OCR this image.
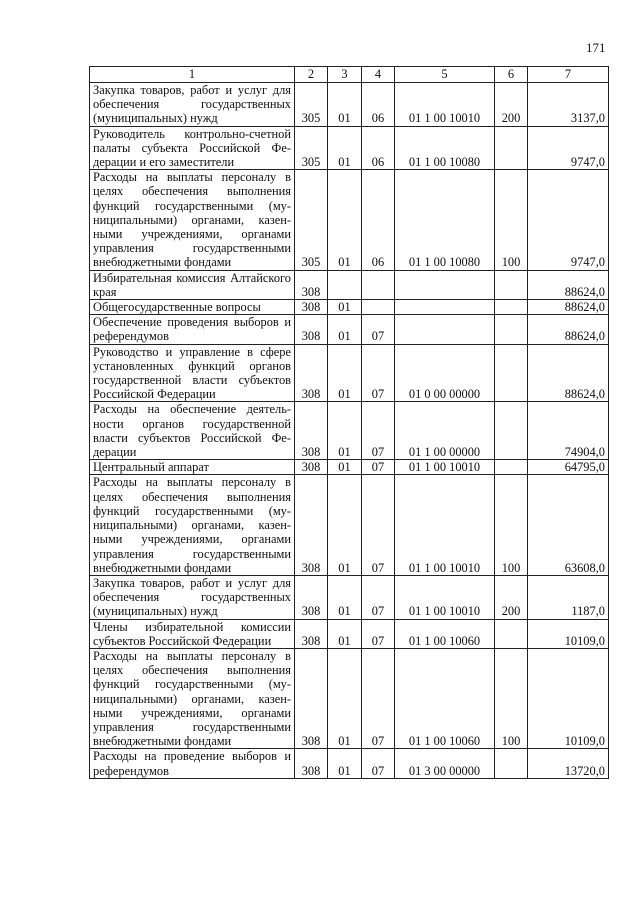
171
1	2	3	4	5	6	7
Закупка товаров, работ и услуг для обеспечения государственных (муниципальных) нужд	305	01	06	01 1 00 10010	200	3137,0
Руководитель контрольно-счетной палаты субъекта Российской Федерации и его заместители	305	01	06	01 1 00 10080		9747,0
Расходы на выплаты персоналу в целях обеспечения выполнения функций государственными (муниципальными) органами, казенными учреждениями, органами управления государственными внебюджетными фондами	305	01	06	01 1 00 10080	100	9747,0
Избирательная комиссия Алтайского края	308					88624,0
Общегосударственные вопросы	308	01				88624,0
Обеспечение проведения выборов и референдумов	308	01	07			88624,0
Руководство и управление в сфере установленных функций органов государственной власти субъектов Российской Федерации	308	01	07	01 0 00 00000		88624,0
Расходы на обеспечение деятельности органов государственной власти субъектов Российской Федерации	308	01	07	01 1 00 00000		74904,0
Центральный аппарат	308	01	07	01 1 00 10010		64795,0
Расходы на выплаты персоналу в целях обеспечения выполнения функций государственными (муниципальными) органами, казенными учреждениями, органами управления государственными внебюджетными фондами	308	01	07	01 1 00 10010	100	63608,0
Закупка товаров, работ и услуг для обеспечения государственных (муниципальных) нужд	308	01	07	01 1 00 10010	200	1187,0
Члены избирательной комиссии субъектов Российской Федерации	308	01	07	01 1 00 10060		10109,0
Расходы на выплаты персоналу в целях обеспечения выполнения функций государственными (муниципальными) органами, казенными учреждениями, органами управления государственными внебюджетными фондами	308	01	07	01 1 00 10060	100	10109,0
Расходы на проведение выборов и референдумов	308	01	07	01 3 00 00000		13720,0
